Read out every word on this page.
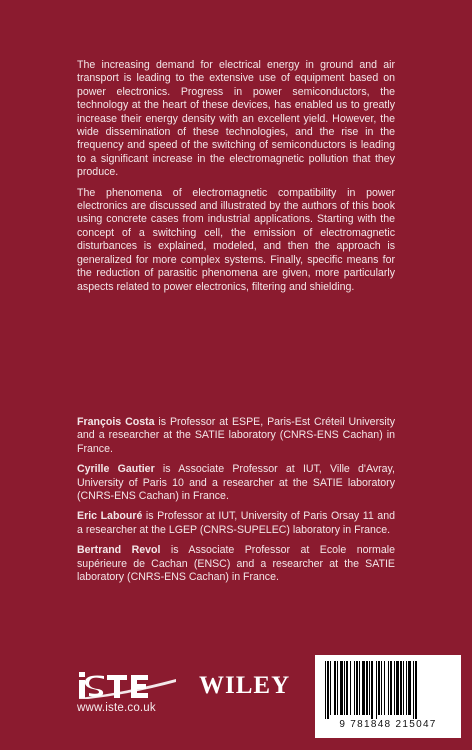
The increasing demand for electrical energy in ground and air transport is leading to the extensive use of equipment based on power electronics. Progress in power semiconductors, the technology at the heart of these devices, has enabled us to greatly increase their energy density with an excellent yield. However, the wide dissemination of these technologies, and the rise in the frequency and speed of the switching of semiconductors is leading to a significant increase in the electromagnetic pollution that they produce.

The phenomena of electromagnetic compatibility in power electronics are discussed and illustrated by the authors of this book using concrete cases from industrial applications. Starting with the concept of a switching cell, the emission of electromagnetic disturbances is explained, modeled, and then the approach is generalized for more complex systems. Finally, specific means for the reduction of parasitic phenomena are given, more particularly aspects related to power electronics, filtering and shielding.

François Costa is Professor at ESPE, Paris-Est Créteil University and a researcher at the SATIE laboratory (CNRS-ENS Cachan) in France.

Cyrille Gautier is Associate Professor at IUT, Ville d'Avray, University of Paris 10 and a researcher at the SATIE laboratory (CNRS-ENS Cachan) in France.

Eric Labouré is Professor at IUT, University of Paris Orsay 11 and a researcher at the LGEP (CNRS-SUPELEC) laboratory in France.

Bertrand Revol is Associate Professor at Ecole normale supérieure de Cachan (ENSC) and a researcher at the SATIE laboratory (CNRS-ENS Cachan) in France.

www.iste.co.uk
WILEY
9 781848 215047
